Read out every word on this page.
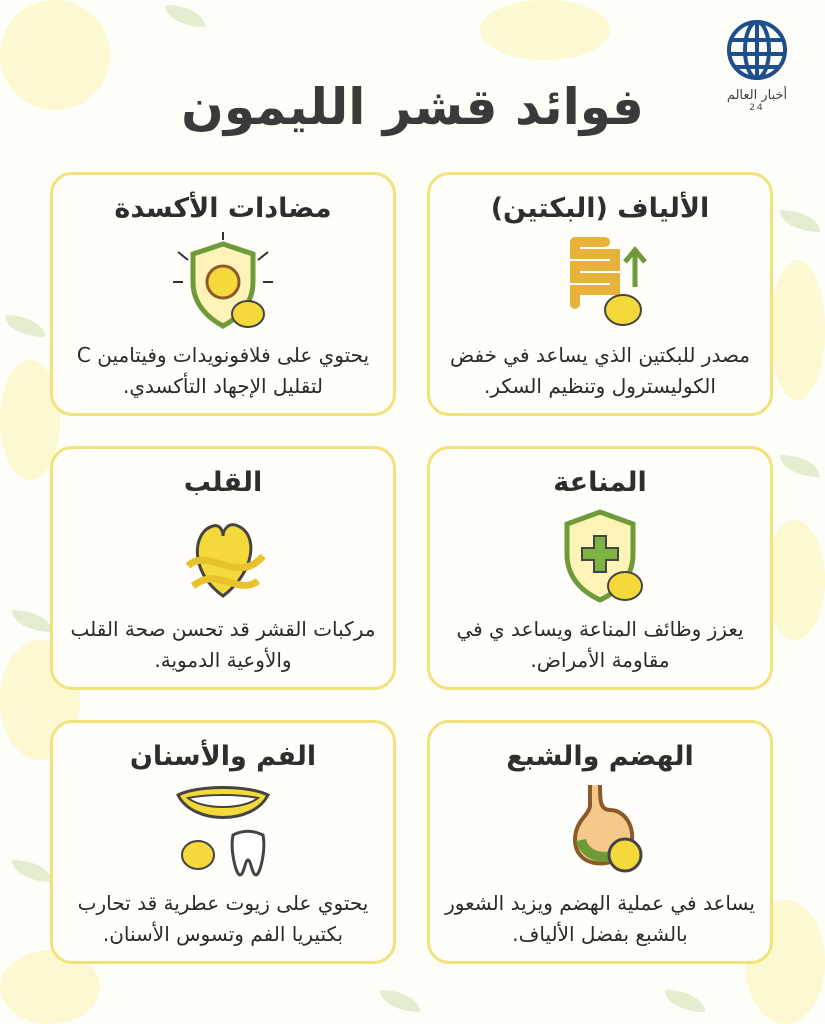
أخبار العالم
24
فوائد قشر الليمون
الألياف (البكتين)

مصدر للبكتين الذي يساعد في خفض الكوليسترول وتنظيم السكر.

مضادات الأكسدة

يحتوي على فلافونويدات وفيتامين C لتقليل الإجهاد التأكسدي.

المناعة

يعزز وظائف المناعة ويساعد ي في مقاومة الأمراض.

القلب

مركبات القشر قد تحسن صحة القلب والأوعية الدموية.

الهضم والشبع

يساعد في عملية الهضم ويزيد الشعور بالشبع بفضل الألياف.

الفم والأسنان

يحتوي على زيوت عطرية قد تحارب بكتيريا الفم وتسوس الأسنان.
